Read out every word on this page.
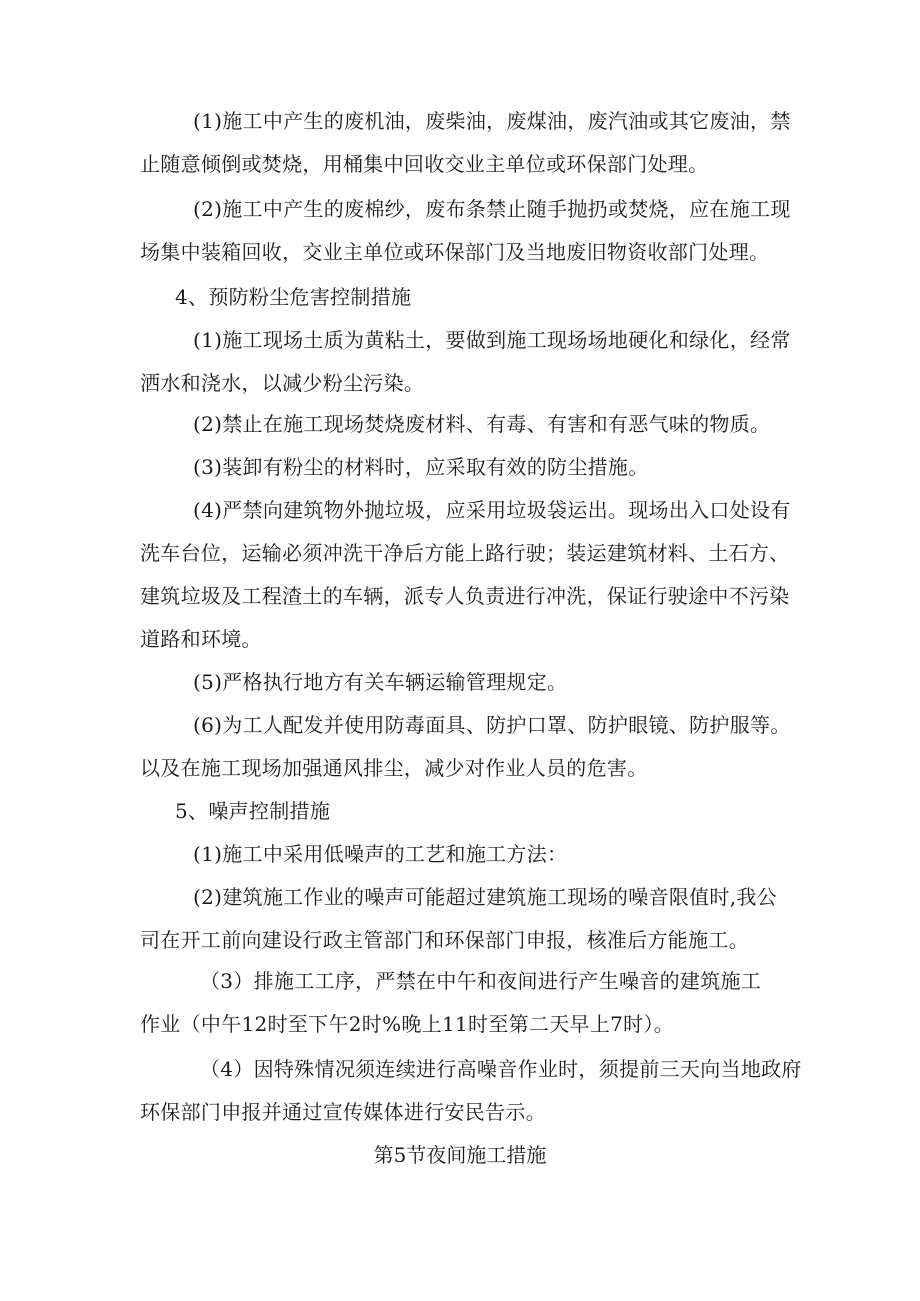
(1)施工中产生的废机油，废柴油，废煤油，废汽油或其它废油，禁
止随意倾倒或焚烧，用桶集中回收交业主单位或环保部门处理。
(2)施工中产生的废棉纱，废布条禁止随手抛扔或焚烧，应在施工现
场集中装箱回收，交业主单位或环保部门及当地废旧物资收部门处理。
4、预防粉尘危害控制措施
(1)施工现场土质为黄粘土，要做到施工现场场地硬化和绿化，经常
洒水和浇水，以减少粉尘污染。
(2)禁止在施工现场焚烧废材料、有毒、有害和有恶气味的物质。
(3)装卸有粉尘的材料时，应采取有效的防尘措施。
(4)严禁向建筑物外抛垃圾，应采用垃圾袋运出。现场出入口处设有
洗车台位，运输必须冲洗干净后方能上路行驶；装运建筑材料、土石方、
建筑垃圾及工程渣土的车辆，派专人负责进行冲洗，保证行驶途中不污染
道路和环境。
(5)严格执行地方有关车辆运输管理规定。
(6)为工人配发并使用防毒面具、防护口罩、防护眼镜、防护服等。
以及在施工现场加强通风排尘，减少对作业人员的危害。
5、噪声控制措施
(1)施工中采用低噪声的工艺和施工方法：
(2)建筑施工作业的噪声可能超过建筑施工现场的噪音限值时,我公
司在开工前向建设行政主管部门和环保部门申报，核准后方能施工。
（3）排施工工序，严禁在中午和夜间进行产生噪音的建筑施工
作业（中午12时至下午2时%晚上11时至第二天早上7时）。
（4）因特殊情况须连续进行高噪音作业时，须提前三天向当地政府
环保部门申报并通过宣传媒体进行安民告示。
第5节夜间施工措施
